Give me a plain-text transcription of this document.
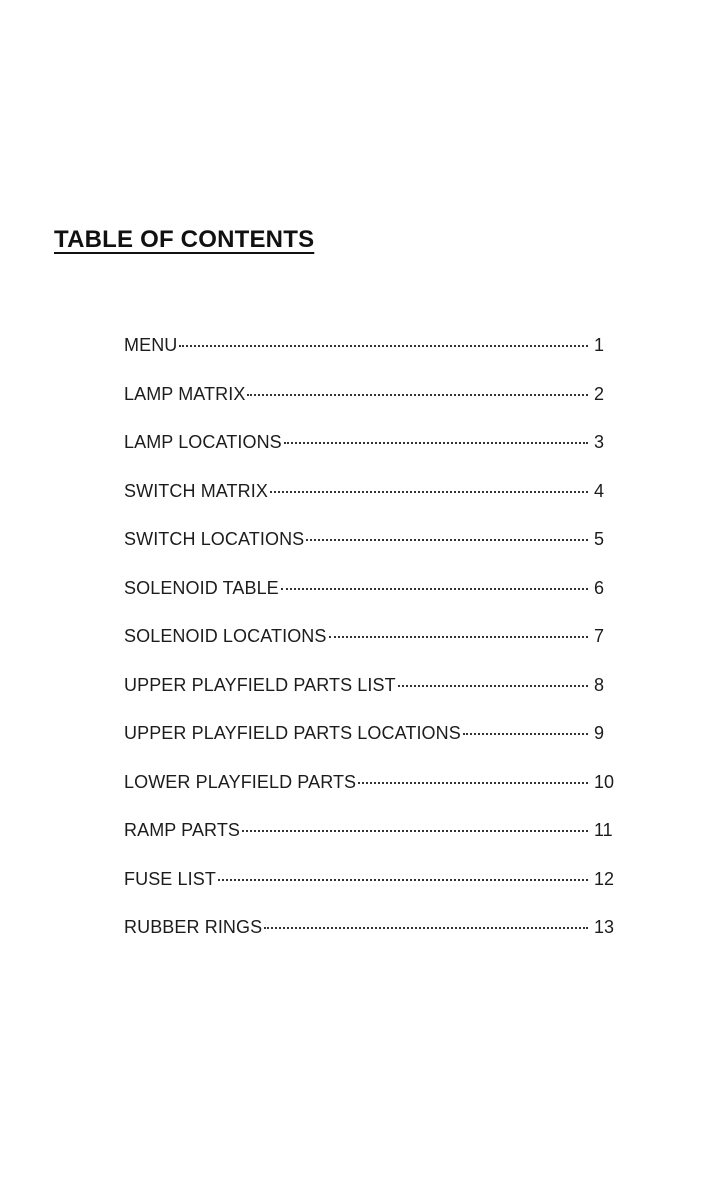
TABLE OF CONTENTS
MENU	1
LAMP MATRIX	2
LAMP LOCATIONS	3
SWITCH MATRIX	4
SWITCH LOCATIONS	5
SOLENOID TABLE	6
SOLENOID LOCATIONS	7
UPPER PLAYFIELD PARTS LIST	8
UPPER PLAYFIELD PARTS LOCATIONS	9
LOWER PLAYFIELD PARTS	10
RAMP PARTS	11
FUSE LIST	12
RUBBER RINGS	13
